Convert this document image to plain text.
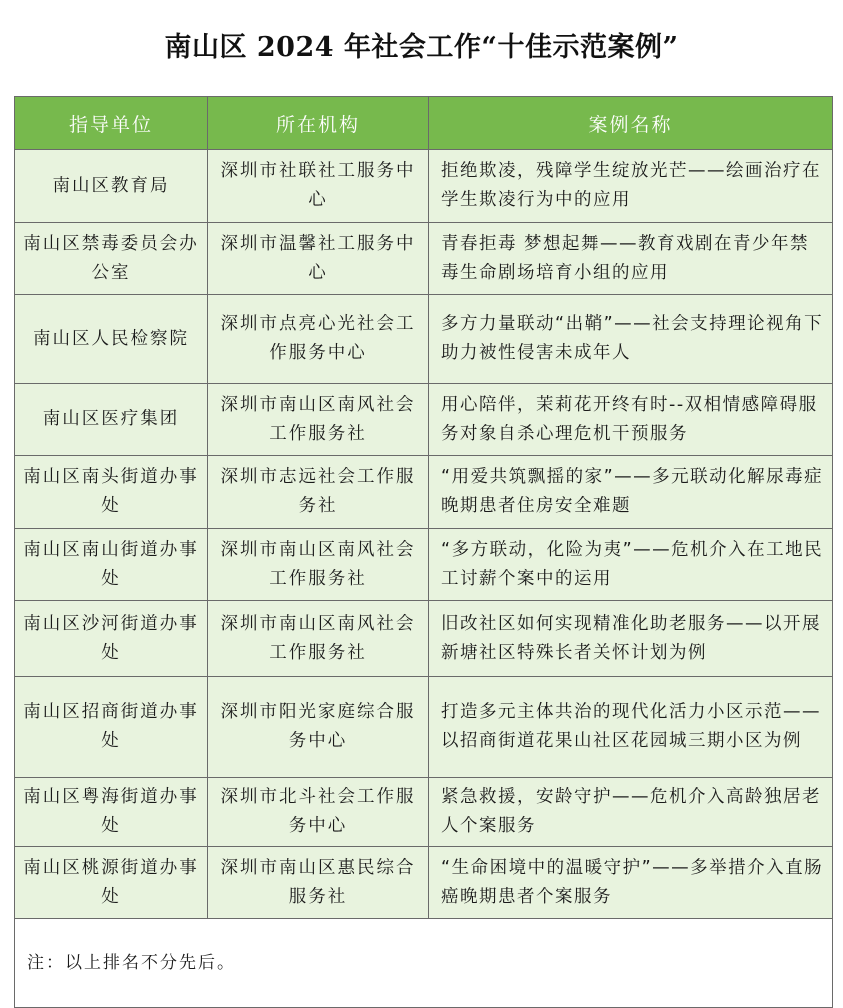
南山区 2024 年社会工作“十佳示范案例”
指导单位	所在机构	案例名称
南山区教育局	深圳市社联社工服务中心	拒绝欺凌，残障学生绽放光芒——绘画治疗在学生欺凌行为中的应用
南山区禁毒委员会办公室	深圳市温馨社工服务中心	青春拒毒 梦想起舞——教育戏剧在青少年禁毒生命剧场培育小组的应用
南山区人民检察院	深圳市点亮心光社会工作服务中心	多方力量联动“出鞘”——社会支持理论视角下助力被性侵害未成年人
南山区医疗集团	深圳市南山区南风社会工作服务社	用心陪伴，茉莉花开终有时--双相情感障碍服务对象自杀心理危机干预服务
南山区南头街道办事处	深圳市志远社会工作服务社	“用爱共筑飘摇的家”——多元联动化解尿毒症晚期患者住房安全难题
南山区南山街道办事处	深圳市南山区南风社会工作服务社	“多方联动，化险为夷”——危机介入在工地民工讨薪个案中的运用
南山区沙河街道办事处	深圳市南山区南风社会工作服务社	旧改社区如何实现精准化助老服务——以开展新塘社区特殊长者关怀计划为例
南山区招商街道办事处	深圳市阳光家庭综合服务中心	打造多元主体共治的现代化活力小区示范——以招商街道花果山社区花园城三期小区为例
南山区粤海街道办事处	深圳市北斗社会工作服务中心	紧急救援，安龄守护——危机介入高龄独居老人个案服务
南山区桃源街道办事处	深圳市南山区惠民综合服务社	“生命困境中的温暖守护”——多举措介入直肠癌晚期患者个案服务
注：以上排名不分先后。		
